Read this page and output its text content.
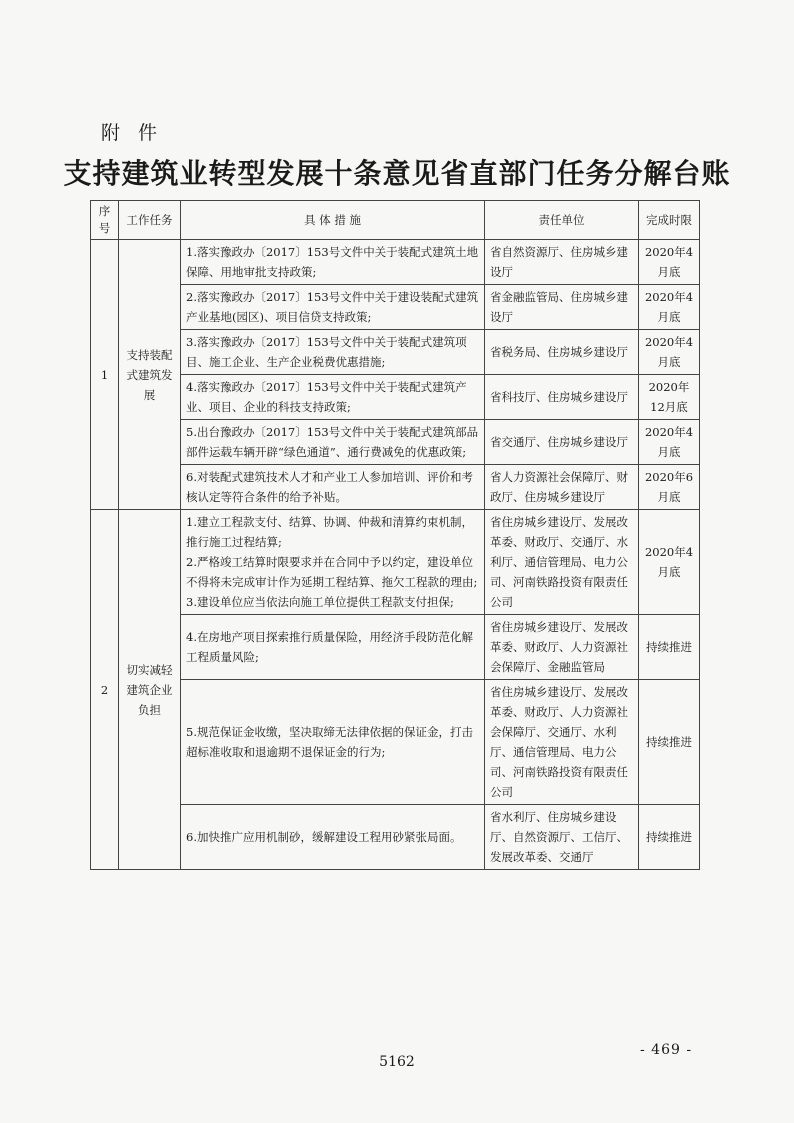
附 件
支持建筑业转型发展十条意见省直部门任务分解台账
序号	工作任务	具 体 措 施	责任单位	完成时限
1	支持装配式建筑发展	1.落实豫政办〔2017〕153号文件中关于装配式建筑土地保障、用地审批支持政策;	省自然资源厅、住房城乡建设厅	2020年4月底
		2.落实豫政办〔2017〕153号文件中关于建设装配式建筑产业基地(园区)、项目信贷支持政策;	省金融监管局、住房城乡建设厅	2020年4月底
		3.落实豫政办〔2017〕153号文件中关于装配式建筑项目、施工企业、生产企业税费优惠措施;	省税务局、住房城乡建设厅	2020年4月底
		4.落实豫政办〔2017〕153号文件中关于装配式建筑产业、项目、企业的科技支持政策;	省科技厅、住房城乡建设厅	2020年12月底
		5.出台豫政办〔2017〕153号文件中关于装配式建筑部品部件运载车辆开辟“绿色通道”、通行费减免的优惠政策;	省交通厅、住房城乡建设厅	2020年4月底
		6.对装配式建筑技术人才和产业工人参加培训、评价和考核认定等符合条件的给予补贴。	省人力资源社会保障厅、财政厅、住房城乡建设厅	2020年6月底
2	切实减轻建筑企业负担	1.建立工程款支付、结算、协调、仲裁和清算约束机制，推行施工过程结算;
2.严格竣工结算时限要求并在合同中予以约定，建设单位不得将未完成审计作为延期工程结算、拖欠工程款的理由;
3.建设单位应当依法向施工单位提供工程款支付担保;	省住房城乡建设厅、发展改革委、财政厅、交通厅、水利厅、通信管理局、电力公司、河南铁路投资有限责任公司	2020年4月底
		4.在房地产项目探索推行质量保险，用经济手段防范化解工程质量风险;	省住房城乡建设厅、发展改革委、财政厅、人力资源社会保障厅、金融监管局	持续推进
		5.规范保证金收缴，坚决取缔无法律依据的保证金，打击超标准收取和退逾期不退保证金的行为;	省住房城乡建设厅、发展改革委、财政厅、人力资源社会保障厅、交通厅、水利厅、通信管理局、电力公司、河南铁路投资有限责任公司	持续推进
		6.加快推广应用机制砂，缓解建设工程用砂紧张局面。	省水利厅、住房城乡建设厅、自然资源厅、工信厅、发展改革委、交通厅	持续推进
- 469 -
5162
